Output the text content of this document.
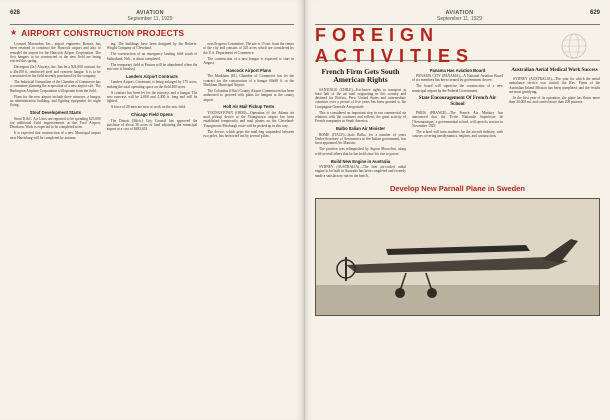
628	AVIATION
September 11, 1929
★ AIRPORT CONSTRUCTION PROJECTS

Leonard Macomber, Inc., airport engineers, Boston, has been retained to construct the Hancock airport and also to remodel the airport for the Hancock Airport Corporation. The first hangars to be constructed at the new field are being erected this spring.

Davenport (Ia.) Airways, Inc. has let a $24,000 contract for a 40x100 ft. reinforced steel and concrete hangar. It is to be constructed on the field recently purchased by the company.

The Industrial Committee of the Chamber of Commerce has a committee planning the acquisition of a new airport site. The Burlington Airplane Corporation will operate from the field.

Plans for the new airport include three runways, a hangar, an administration building, and lighting equipment for night flying.

Stout Development Starts

Stout D.&C. Air Lines are reported to be spending $25,000 for additional field improvements at the Ford Airport, Dearborn. Work is expected to be completed soon.

It is expected that construction of a new Municipal airport near Harrisburg will be completed by autumn.

ing. The buildings have been designed by the Roberts-Wright Company of Cleveland.

The construction of an emergency landing field south of Sutherland, Neb., is about completed.

The temporary field at Paxton will be abandoned when the new one is finished.

Landers Airport Contracts

Landers Airport, Cincinnati, is being enlarged by 175 acres, making the total operating space on the field 480 acres.

A contract has been let for the runways and a hangar. The new runways will be 2,000 and 2,400 ft. long and will be lighted.

A force of 20 men are now at work on the new field.

Chicago Field Opens

The Detroit (Mich.) City Council has approved the purchase of about 38 acres of land adjoining the municipal airport at a cost of $282,653.

ness Progress Committee. The site is 1½ mi. from the center of the city and consists of 325 acres which are considered by the U.S. Department of Commerce.

The construction of a new hangar is expected to start in August.

Hancock Airport Plans

The Markham (Ill.) Chamber of Commerce has let the contract for the construction of a hangar 60x80 ft. at the Markham Municipal Airport.

The Columbia (Ohio) County Airport Commission has been authorized to proceed with plans for hangars at the county airport.

Holt Air Mail Pickup Tests

YOUNGSTOWN (OHIO)—Operation of the Adams air mail pickup device at the Youngstown airport has been established temporarily and mail planes on the Cleveland-Youngstown-Pittsburgh route will be picked up in this way.

The device, which grips the mail bag suspended between two poles, has been tried out by several pilots.

AVIATION
September 11, 1929
629
FOREIGN ACTIVITIES
French Firm Gets South American Rights

SANTIAGO (CHILE)—Exclusive rights to transport at least half of the air mail originating in this country and destined for Bolivia, Peru, United States and intermediate countries over a period of five years has been granted to the Compagnie Generale Aeropostale.

This is considered an important step in our commercial air relations with the continent and reflects the great activity of French companies in South America.

Balbo Italian Air Minister

ROME (ITALY)—Italo Balbo, for a number of years Under-Secretary of Aeronautics in the Italian government, has been appointed Air Minister.

The position was relinquished by Signor Mussolini, along with several others that he has held since his rise to power.

Build New Engine in Australia

SYDNEY (AUSTRALIA)—The first air-cooled radial engine to be built in Australia has been completed and recently made a satisfactory run on the bench.

Panama Has Aviation Board

PANAMA CITY (PANAMA)—A National Aviation Board of six members has been created by government decree.

The board will supervise the construction of a new municipal airport by the Federal Government.

State Encouragement Of French Air School

PARIS (FRANCE)—The French Air Ministry has announced that the 'Ecole Nationale Superieure de l'Aeronautique,' a governmental school, will open its session in November 1929.

The school will train students for the aircraft industry, with courses covering aerodynamics, engines, and construction.

Australian Aerial Medical Work Success

SYDNEY (AUSTRALIA)—The year for which the aerial ambulance service was started, the Rev. Flynn of the Australian Inland Mission has been completed, and the results are most gratifying.

In the first year of its operation, the plane has flown more than 20,000 mi. and carried more than 200 patients.

Develop New Parnall Plane in Sweden
